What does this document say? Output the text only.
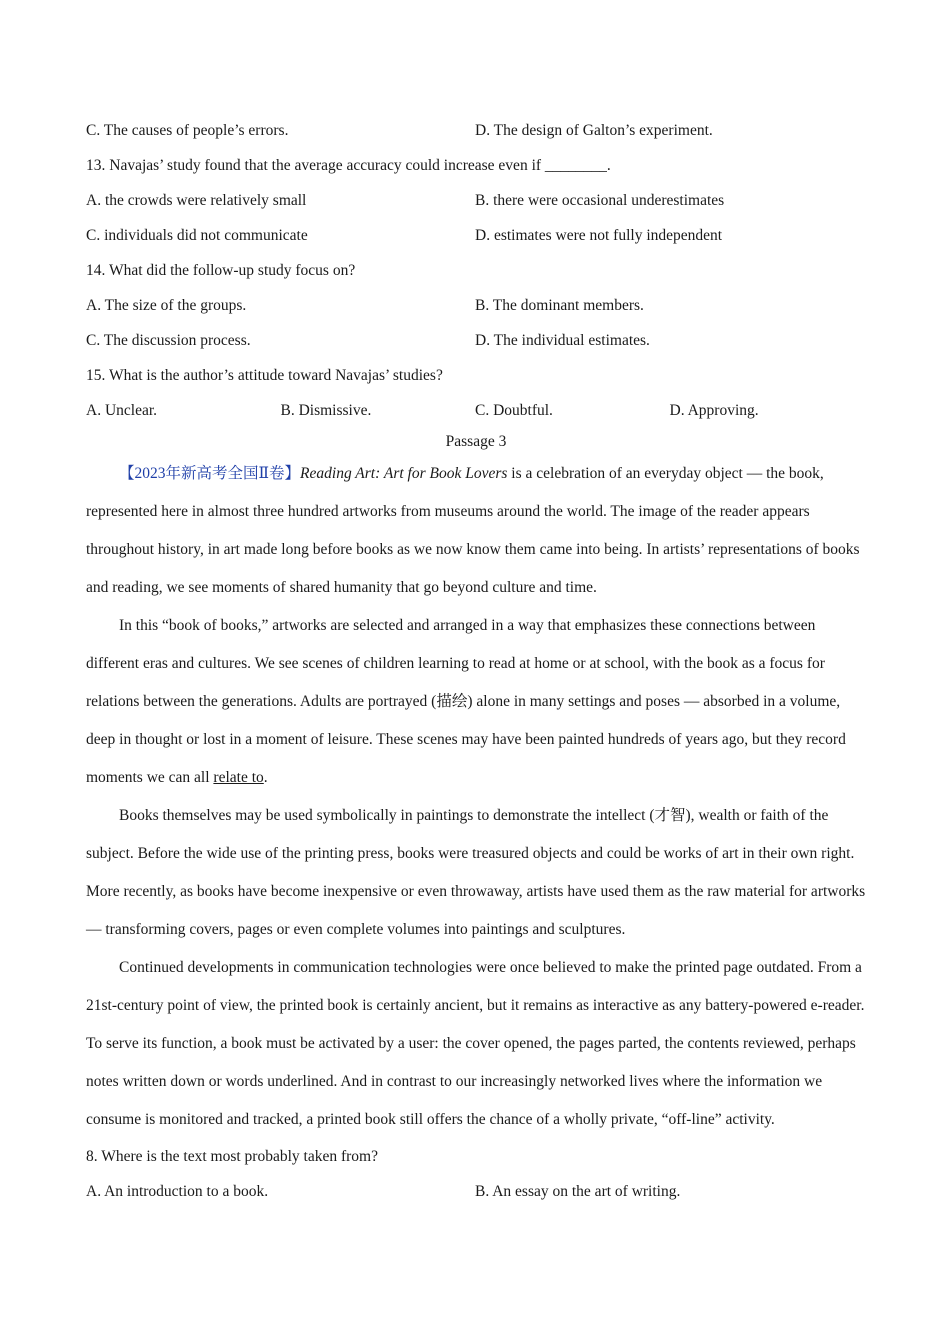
C. The causes of people’s errors.	D. The design of Galton’s experiment.
13. Navajas’ study found that the average accuracy could increase even if ________.
A. the crowds were relatively small	B. there were occasional underestimates
C. individuals did not communicate	D. estimates were not fully independent
14. What did the follow-up study focus on?
A. The size of the groups.	B. The dominant members.
C. The discussion process.	D. The individual estimates.
15. What is the author’s attitude toward Navajas’ studies?
A. Unclear.	B. Dismissive.	C. Doubtful.	D. Approving.
Passage 3

【2023年新高考全国Ⅱ卷】Reading Art: Art for Book Lovers is a celebration of an everyday object — the book, represented here in almost three hundred artworks from museums around the world. The image of the reader appears throughout history, in art made long before books as we now know them came into being. In artists’ representations of books and reading, we see moments of shared humanity that go beyond culture and time.

In this “book of books,” artworks are selected and arranged in a way that emphasizes these connections between different eras and cultures. We see scenes of children learning to read at home or at school, with the book as a focus for relations between the generations. Adults are portrayed (描绘) alone in many settings and poses — absorbed in a volume, deep in thought or lost in a moment of leisure. These scenes may have been painted hundreds of years ago, but they record moments we can all relate to.

Books themselves may be used symbolically in paintings to demonstrate the intellect (才智), wealth or faith of the subject. Before the wide use of the printing press, books were treasured objects and could be works of art in their own right. More recently, as books have become inexpensive or even throwaway, artists have used them as the raw material for artworks — transforming covers, pages or even complete volumes into paintings and sculptures.

Continued developments in communication technologies were once believed to make the printed page outdated. From a 21st-century point of view, the printed book is certainly ancient, but it remains as interactive as any battery-powered e-reader. To serve its function, a book must be activated by a user: the cover opened, the pages parted, the contents reviewed, perhaps notes written down or words underlined. And in contrast to our increasingly networked lives where the information we consume is monitored and tracked, a printed book still offers the chance of a wholly private, “off-line” activity.

8. Where is the text most probably taken from?
A. An introduction to a book.	B. An essay on the art of writing.
